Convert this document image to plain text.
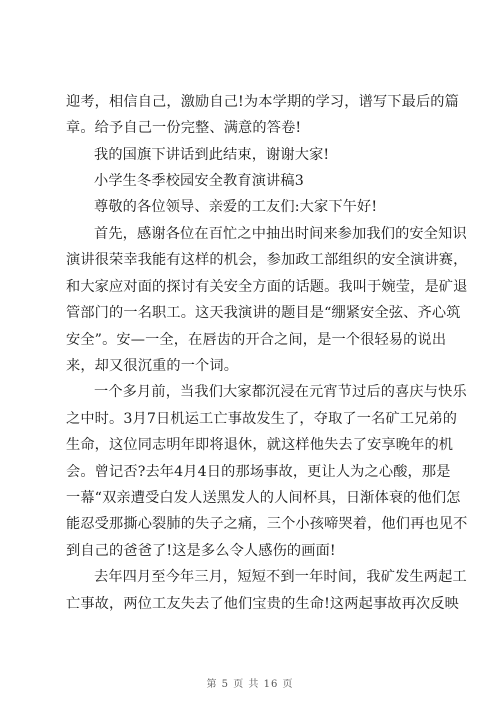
迎考，相信自己，激励自己!为本学期的学习，谱写下最后的篇
章。给予自己一份完整、满意的答卷!
我的国旗下讲话到此结束，谢谢大家!
小学生冬季校园安全教育演讲稿3
尊敬的各位领导、亲爱的工友们:大家下午好!
首先，感谢各位在百忙之中抽出时间来参加我们的安全知识
演讲很荣幸我能有这样的机会，参加政工部组织的安全演讲赛，
和大家应对面的探讨有关安全方面的话题。我叫于婉莹，是矿退
管部门的一名职工。这天我演讲的题目是“绷紧安全弦、齐心筑
安全”。安—一全，在唇齿的开合之间，是一个很轻易的说出
来，却又很沉重的一个词。
一个多月前，当我们大家都沉浸在元宵节过后的喜庆与快乐
之中时。3月7日机运工亡事故发生了，夺取了一名矿工兄弟的
生命，这位同志明年即将退休，就这样他失去了安享晚年的机
会。曾记否?去年4月4日的那场事故，更让人为之心酸，那是
一幕“双亲遭受白发人送黑发人的人间杯具，日渐体衰的他们怎
能忍受那撕心裂肺的失子之痛，三个小孩啼哭着，他们再也见不
到自己的爸爸了!这是多么令人感伤的画面!
去年四月至今年三月，短短不到一年时间，我矿发生两起工
亡事故，两位工友失去了他们宝贵的生命!这两起事故再次反映
第 5 页 共 16 页
